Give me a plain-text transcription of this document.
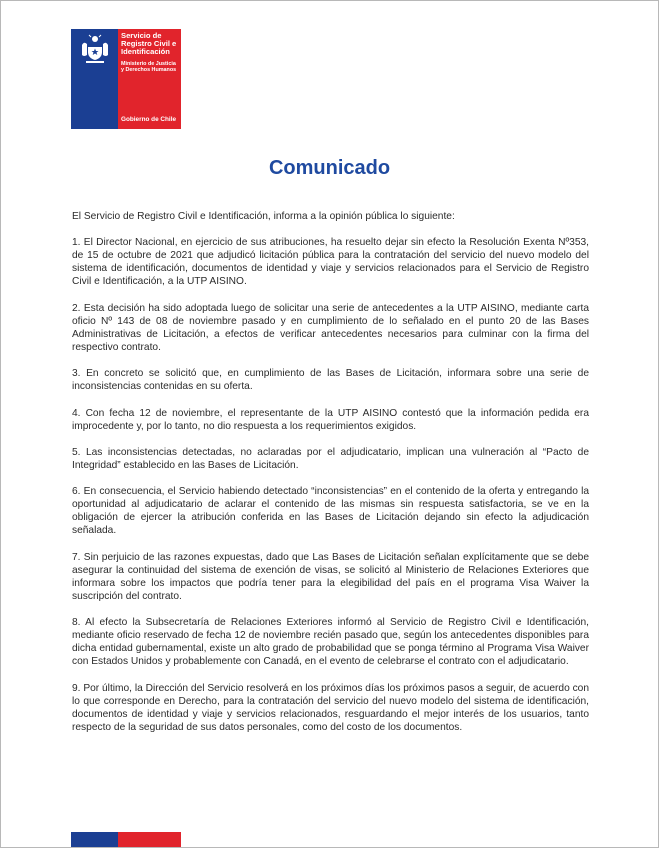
Servicio de
Registro Civil e
Identificación
Ministerio de Justicia
y Derechos Humanos
Gobierno de Chile
Comunicado

El Servicio de Registro Civil e Identificación, informa a la opinión pública lo siguiente:

1. El Director Nacional, en ejercicio de sus atribuciones, ha resuelto dejar sin efecto la Resolución Exenta Nº353, de 15 de octubre de 2021 que adjudicó licitación pública para la contratación del servicio del nuevo modelo del sistema de identificación, documentos de identidad y viaje y servicios relacionados para el Servicio de Registro Civil e Identificación, a la UTP AISINO.

2. Esta decisión ha sido adoptada luego de solicitar una serie de antecedentes a la UTP AISINO, mediante carta oficio Nº 143 de 08 de noviembre pasado y en cumplimiento de lo señalado en el punto 20 de las Bases Administrativas de Licitación, a efectos de verificar antecedentes necesarios para culminar con la firma del respectivo contrato.

3. En concreto se solicitó que, en cumplimiento de las Bases de Licitación, informara sobre una serie de inconsistencias contenidas en su oferta.

4. Con fecha 12 de noviembre, el representante de la UTP AISINO contestó que la información pedida era improcedente y, por lo tanto, no dio respuesta a los requerimientos exigidos.

5. Las inconsistencias detectadas, no aclaradas por el adjudicatario, implican una vulneración al “Pacto de Integridad” establecido en las Bases de Licitación.

6. En consecuencia, el Servicio habiendo detectado “inconsistencias” en el contenido de la oferta y entregando la oportunidad al adjudicatario de aclarar el contenido de las mismas sin respuesta satisfactoria, se ve en la obligación de ejercer la atribución conferida en las Bases de Licitación dejando sin efecto la adjudicación señalada.

7. Sin perjuicio de las razones expuestas, dado que Las Bases de Licitación señalan explícitamente que se debe asegurar la continuidad del sistema de exención de visas, se solicitó al Ministerio de Relaciones Exteriores que informara sobre los impactos que podría tener para la elegibilidad del país en el programa Visa Waiver la suscripción del contrato.

8. Al efecto la Subsecretaría de Relaciones Exteriores informó al Servicio de Registro Civil e Identificación, mediante oficio reservado de fecha 12 de noviembre recién pasado que, según los antecedentes disponibles para dicha entidad gubernamental, existe un alto grado de probabilidad que se ponga término al Programa Visa Waiver con Estados Unidos y probablemente con Canadá, en el evento de celebrarse el contrato con el adjudicatario.

9. Por último, la Dirección del Servicio resolverá en los próximos días los próximos pasos a seguir, de acuerdo con lo que corresponde en Derecho, para la contratación del servicio del nuevo modelo del sistema de identificación, documentos de identidad y viaje y servicios relacionados, resguardando el mejor interés de los usuarios, tanto respecto de la seguridad de sus datos personales, como del costo de los documentos.
